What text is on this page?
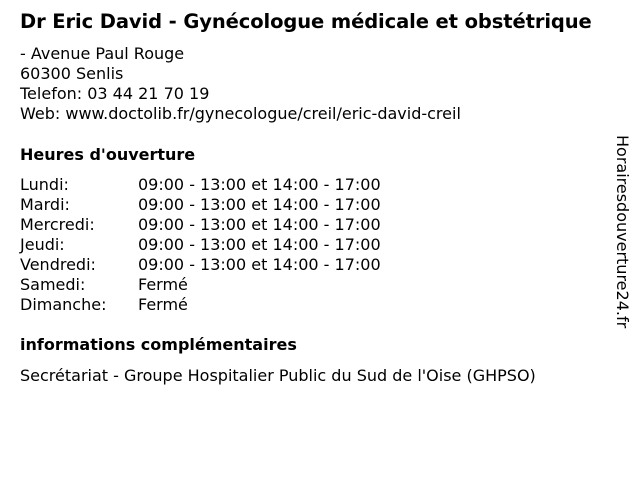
Dr Eric David - Gynécologue médicale et obstétrique
- Avenue Paul Rouge
60300 Senlis
Telefon: 03 44 21 70 19
Web: www.doctolib.fr/gynecologue/creil/eric-david-creil
Heures d'ouverture
Lundi:	09:00 - 13:00 et 14:00 - 17:00
Mardi:	09:00 - 13:00 et 14:00 - 17:00
Mercredi:	09:00 - 13:00 et 14:00 - 17:00
Jeudi:	09:00 - 13:00 et 14:00 - 17:00
Vendredi:	09:00 - 13:00 et 14:00 - 17:00
Samedi:	Fermé
Dimanche:	Fermé
informations complémentaires
Secrétariat - Groupe Hospitalier Public du Sud de l'Oise (GHPSO)
Horairesdouverture24.fr
